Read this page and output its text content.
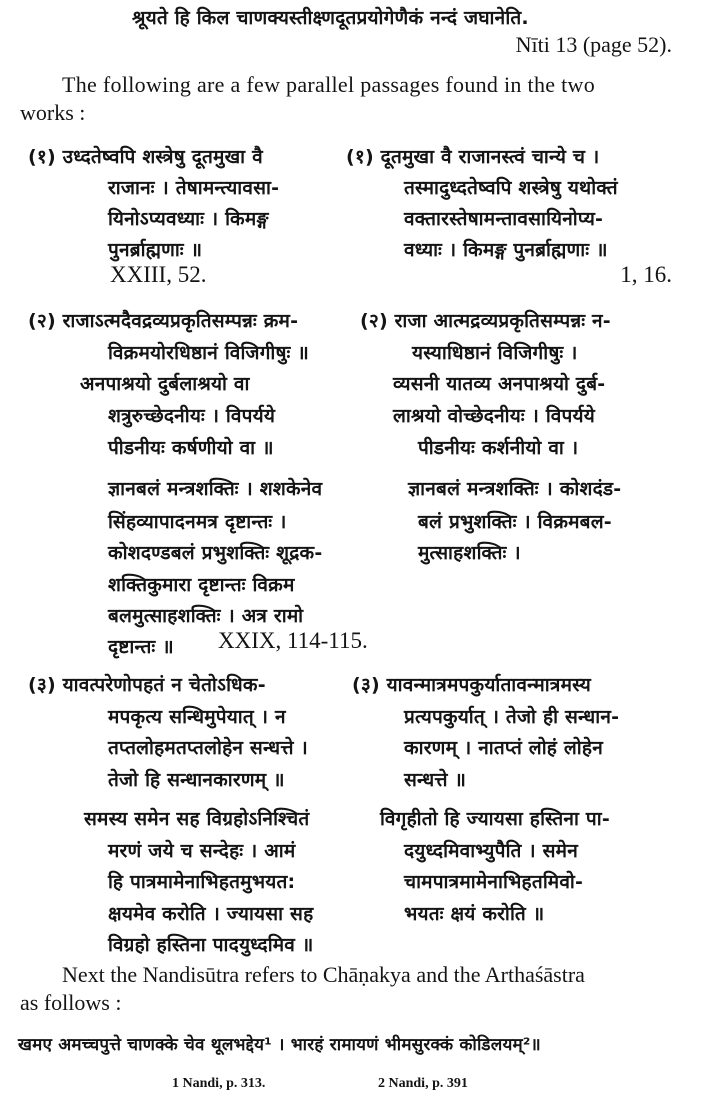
श्रूयते हि किल चाणक्यस्तीक्ष्णदूतप्रयोगेणैकं नन्दं जघानेति.
Nīti 13 (page 52).
The following are a few parallel passages found in the two
works :
(१) उध्दतेष्वपि शस्त्रेषु दूतमुखा वै
राजानः । तेषामन्त्यावसा-
यिनोऽप्यवध्याः । किमङ्ग
पुनर्ब्राह्मणाः ॥
XXIII, 52.
(१) दूतमुखा वै राजानस्त्वं चान्ये च ।
तस्मादुध्दतेष्वपि शस्त्रेषु यथोक्तं
वक्तारस्तेषामन्तावसायिनोप्य-
वध्याः । किमङ्ग पुनर्ब्राह्मणाः ॥
1, 16.
(२) राजाऽत्मदैवद्रव्यप्रकृतिसम्पन्नः क्रम-
विक्रमयोरधिष्ठानं विजिगीषुः ॥
अनपाश्रयो दुर्बलाश्रयो वा
शत्रुरुच्छेदनीयः । विपर्यये
पीडनीयः कर्षणीयो वा ॥
ज्ञानबलं मन्त्रशक्तिः । शशकेनेव
सिंहव्यापादनमत्र दृष्टान्तः ।
कोशदण्डबलं प्रभुशक्तिः शूद्रक-
शक्तिकुमारा दृष्टान्तः विक्रम
बलमुत्साहशक्तिः । अत्र रामो
दृष्टान्तः ॥ XXIX, 114-115.
(२) राजा आत्मद्रव्यप्रकृतिसम्पन्नः न-
यस्याधिष्ठानं विजिगीषुः ।
व्यसनी यातव्य अनपाश्रयो दुर्ब-
लाश्रयो वोच्छेदनीयः । विपर्यये
पीडनीयः कर्शनीयो वा ।
ज्ञानबलं मन्त्रशक्तिः । कोशदंड-
बलं प्रभुशक्तिः । विक्रमबल-
मुत्साहशक्तिः ।
(३) यावत्परेणोपहतं न चेतोऽधिक-
मपकृत्य सन्धिमुपेयात् । न
तप्तलोहमतप्तलोहेन सन्धत्ते ।
तेजो हि सन्धानकारणम् ॥
समस्य समेन सह विग्रहोऽनिश्चितं
मरणं जये च सन्देहः । आमं
हि पात्रमामेनाभिहतमुभयत:
क्षयमेव करोति । ज्यायसा सह
विग्रहो हस्तिना पादयुध्दमिव ॥
(३) यावन्मात्रमपकुर्यातावन्मात्रमस्य
प्रत्यपकुर्यात् । तेजो ही सन्धान-
कारणम् । नातप्तं लोहं लोहेन
सन्धत्ते ॥
विगृहीतो हि ज्यायसा हस्तिना पा-
दयुध्दमिवाभ्युपैति । समेन
चामपात्रमामेनाभिहतमिवो-
भयतः क्षयं करोति ॥
Next the Nandisūtra refers to Chāṇakya and the Arthaśāstra
as follows :
खमए अमच्चपुत्ते चाणक्के चेव थूलभद्देय¹ । भारहं रामायणं भीमसुरक्कं कोडिलयम्²॥
1 Nandi, p. 313.	2 Nandi, p. 391
